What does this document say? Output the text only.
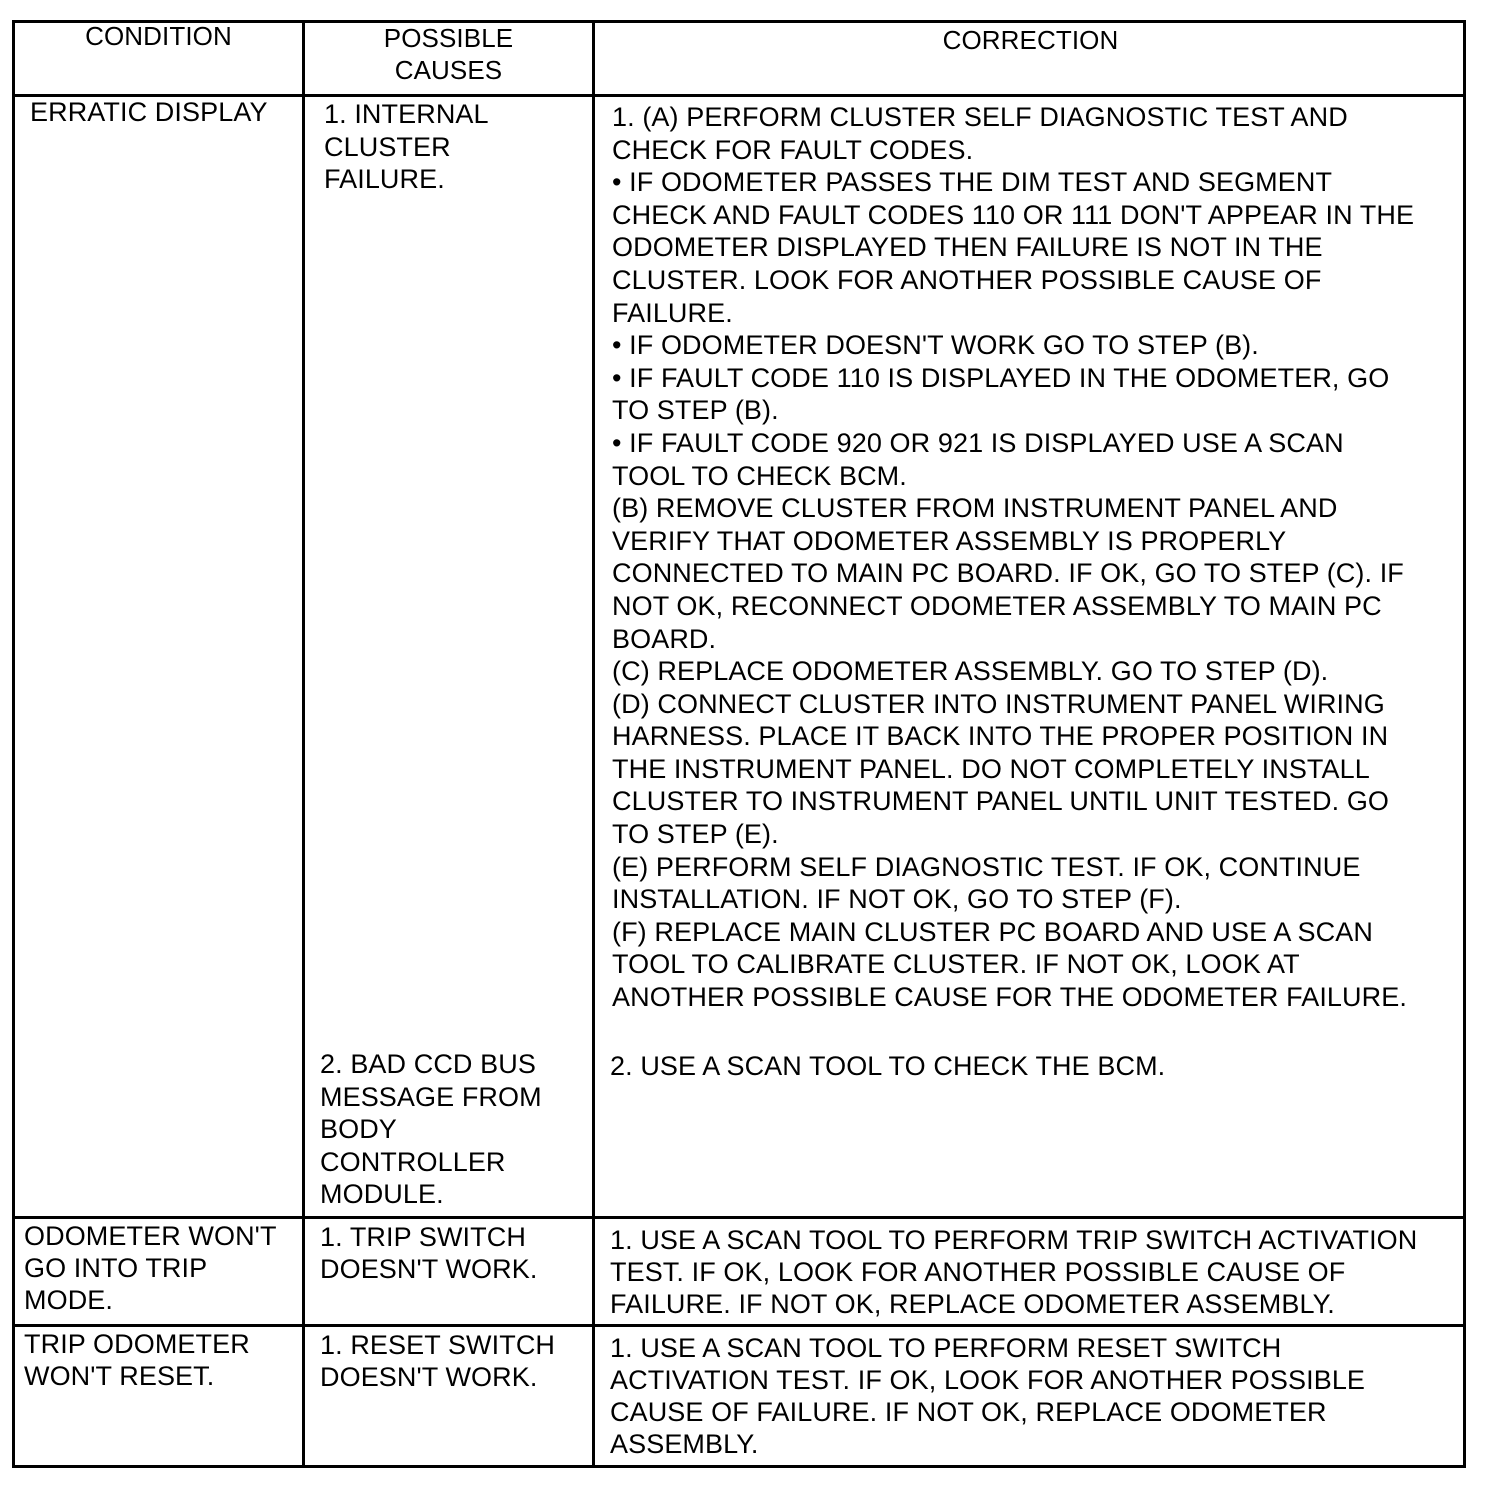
CONDITION	POSSIBLE
CAUSES
CORRECTION
ERRATIC DISPLAY 1. INTERNAL
CLUSTER
FAILURE.
1. (A) PERFORM CLUSTER SELF DIAGNOSTIC TEST AND
CHECK FOR FAULT CODES.
• IF ODOMETER PASSES THE DIM TEST AND SEGMENT
CHECK AND FAULT CODES 110 OR 111 DON'T APPEAR IN THE
ODOMETER DISPLAYED THEN FAILURE IS NOT IN THE
CLUSTER. LOOK FOR ANOTHER POSSIBLE CAUSE OF
FAILURE.
• IF ODOMETER DOESN'T WORK GO TO STEP (B).
• IF FAULT CODE 110 IS DISPLAYED IN THE ODOMETER, GO
TO STEP (B).
• IF FAULT CODE 920 OR 921 IS DISPLAYED USE A SCAN
TOOL TO CHECK BCM.
(B) REMOVE CLUSTER FROM INSTRUMENT PANEL AND
VERIFY THAT ODOMETER ASSEMBLY IS PROPERLY
CONNECTED TO MAIN PC BOARD. IF OK, GO TO STEP (C). IF
NOT OK, RECONNECT ODOMETER ASSEMBLY TO MAIN PC
BOARD.
(C) REPLACE ODOMETER ASSEMBLY. GO TO STEP (D).
(D) CONNECT CLUSTER INTO INSTRUMENT PANEL WIRING
HARNESS. PLACE IT BACK INTO THE PROPER POSITION IN
THE INSTRUMENT PANEL. DO NOT COMPLETELY INSTALL
CLUSTER TO INSTRUMENT PANEL UNTIL UNIT TESTED. GO
TO STEP (E).
(E) PERFORM SELF DIAGNOSTIC TEST. IF OK, CONTINUE
INSTALLATION. IF NOT OK, GO TO STEP (F).
(F) REPLACE MAIN CLUSTER PC BOARD AND USE A SCAN
TOOL TO CALIBRATE CLUSTER. IF NOT OK, LOOK AT
ANOTHER POSSIBLE CAUSE FOR THE ODOMETER FAILURE.
2. BAD CCD BUS
MESSAGE FROM
BODY
CONTROLLER
MODULE.
2. USE A SCAN TOOL TO CHECK THE BCM.
ODOMETER WON'T
GO INTO TRIP
MODE.
1. TRIP SWITCH
DOESN'T WORK.
1. USE A SCAN TOOL TO PERFORM TRIP SWITCH ACTIVATION
TEST. IF OK, LOOK FOR ANOTHER POSSIBLE CAUSE OF
FAILURE. IF NOT OK, REPLACE ODOMETER ASSEMBLY.
TRIP ODOMETER
WON'T RESET.
1. RESET SWITCH
DOESN'T WORK.
1. USE A SCAN TOOL TO PERFORM RESET SWITCH
ACTIVATION TEST. IF OK, LOOK FOR ANOTHER POSSIBLE
CAUSE OF FAILURE. IF NOT OK, REPLACE ODOMETER
ASSEMBLY.
